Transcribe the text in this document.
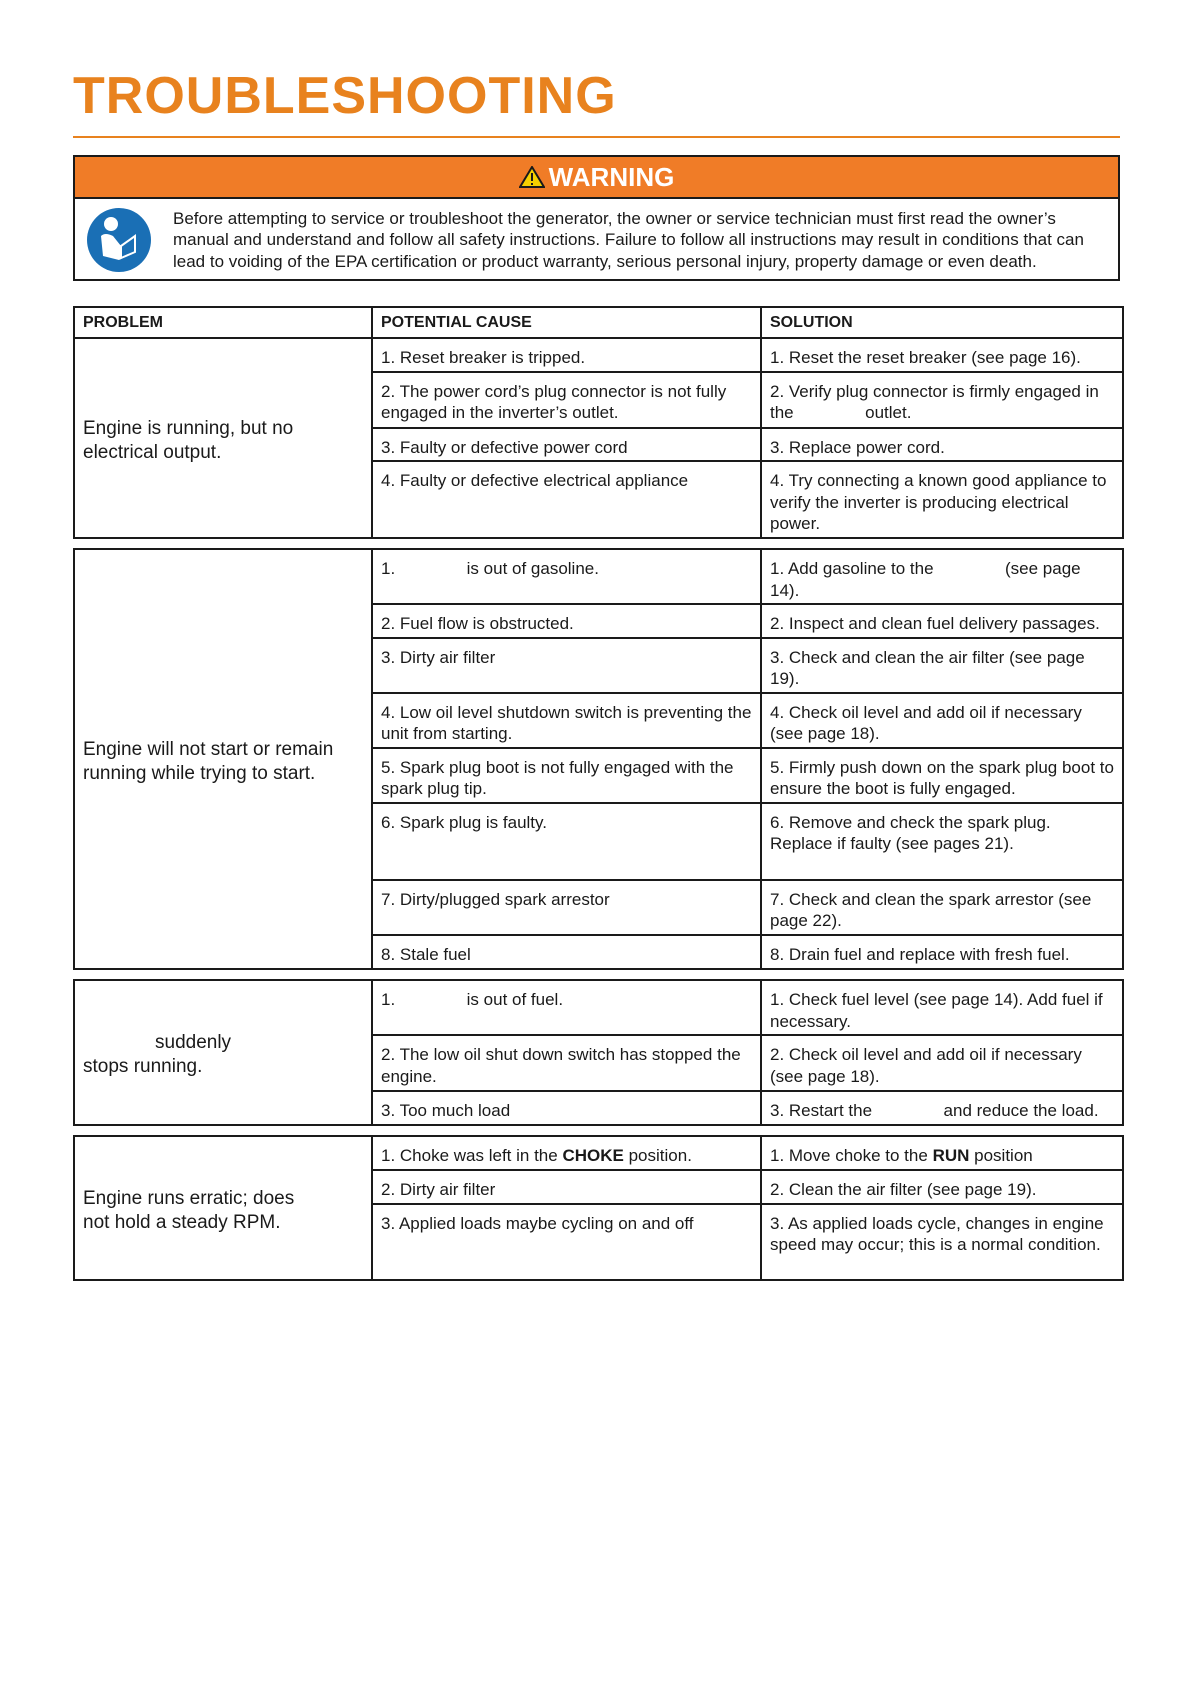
TROUBLESHOOTING
WARNING
Before attempting to service or troubleshoot the generator, the owner or service technician must first read the owner’s manual and understand and follow all safety instructions. Failure to follow all instructions may result in conditions that can lead to voiding of the EPA certification or product warranty, serious personal injury, property damage or even death.
PROBLEM	POTENTIAL CAUSE	SOLUTION
Engine is running, but no electrical output.	1. Reset breaker is tripped.	1. Reset the reset breaker (see page 16).
	2. The power cord’s plug connector is not fully engaged in the inverter’s outlet.	2. Verify plug connector is firmly engaged in the outlet.
	3. Faulty or defective power cord	3. Replace power cord.
	4. Faulty or defective electrical appliance	4. Try connecting a known good appliance to verify the inverter is producing electrical power.
Engine will not start or remain running while trying to start.	1. is out of gasoline.	1. Add gasoline to the (see page 14).
	2. Fuel flow is obstructed.	2. Inspect and clean fuel delivery passages.
	3. Dirty air filter	3. Check and clean the air filter (see page 19).
	4. Low oil level shutdown switch is preventing the unit from starting.	4. Check oil level and add oil if necessary (see page 18).
	5. Spark plug boot is not fully engaged with the spark plug tip.	5. Firmly push down on the spark plug boot to ensure the boot is fully engaged.
	6. Spark plug is faulty.	6. Remove and check the spark plug. Replace if faulty (see pages 21).
	7. Dirty/plugged spark arrestor	7. Check and clean the spark arrestor (see page 22).
	8. Stale fuel	8. Drain fuel and replace with fresh fuel.
suddenly
stops running.	1. is out of fuel.	1. Check fuel level (see page 14). Add fuel if necessary.
	2. The low oil shut down switch has stopped the engine.	2. Check oil level and add oil if necessary (see page 18).
	3. Too much load	3. Restart the and reduce the load.
Engine runs erratic; does not hold a steady RPM.	1. Choke was left in the CHOKE position.	1. Move choke to the RUN position
	2. Dirty air filter	2. Clean the air filter (see page 19).
	3. Applied loads maybe cycling on and off	3. As applied loads cycle, changes in engine speed may occur; this is a normal condition.
